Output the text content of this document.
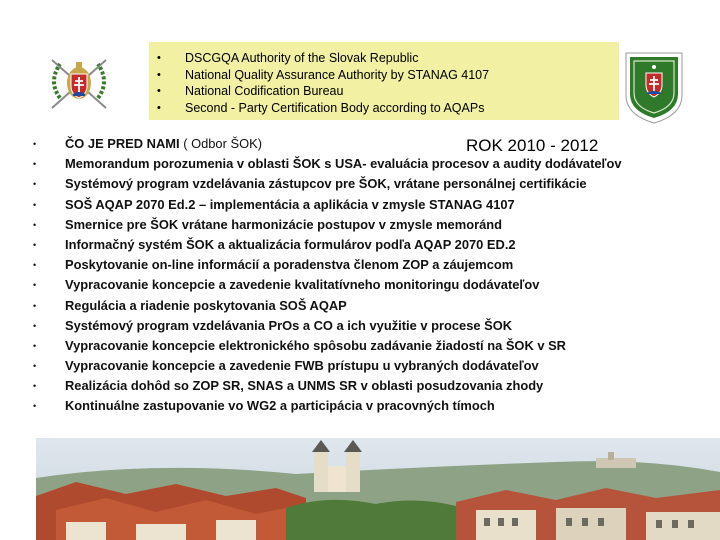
• DSCGQA Authority of the Slovak Republic
• National Quality Assurance Authority by STANAG 4107
• National Codification Bureau
• Second - Party Certification Body according to AQAPs
ROK 2010 - 2012
• ČO JE PRED NAMI ( Odbor ŠOK)
• Memorandum porozumenia v oblasti ŠOK s USA- evaluácia procesov a audity dodávateľov
• Systémový program vzdelávania zástupcov pre ŠOK, vrátane personálnej certifikácie
• SOŠ AQAP 2070 Ed.2 – implementácia a aplikácia v zmysle STANAG 4107
• Smernice pre ŠOK vrátane harmonizácie postupov v zmysle memoránd
• Informačný systém ŠOK a aktualizácia formulárov podľa AQAP 2070 ED.2
• Poskytovanie on-line informácií a poradenstva členom ZOP a záujemcom
• Vypracovanie koncepcie a zavedenie kvalitatívneho monitoringu dodávateľov
• Regulácia a riadenie poskytovania SOŠ AQAP
• Systémový program vzdelávania PrOs a CO a ich využitie v procese ŠOK
• Vypracovanie koncepcie elektronického spôsobu zadávanie žiadostí na ŠOK v SR
• Vypracovanie koncepcie a zavedenie FWB prístupu u vybraných dodávateľov
• Realizácia dohôd so ZOP SR, SNAS a UNMS SR v oblasti posudzovania zhody
• Kontinuálne zastupovanie vo WG2 a participácia v pracovných tímoch
